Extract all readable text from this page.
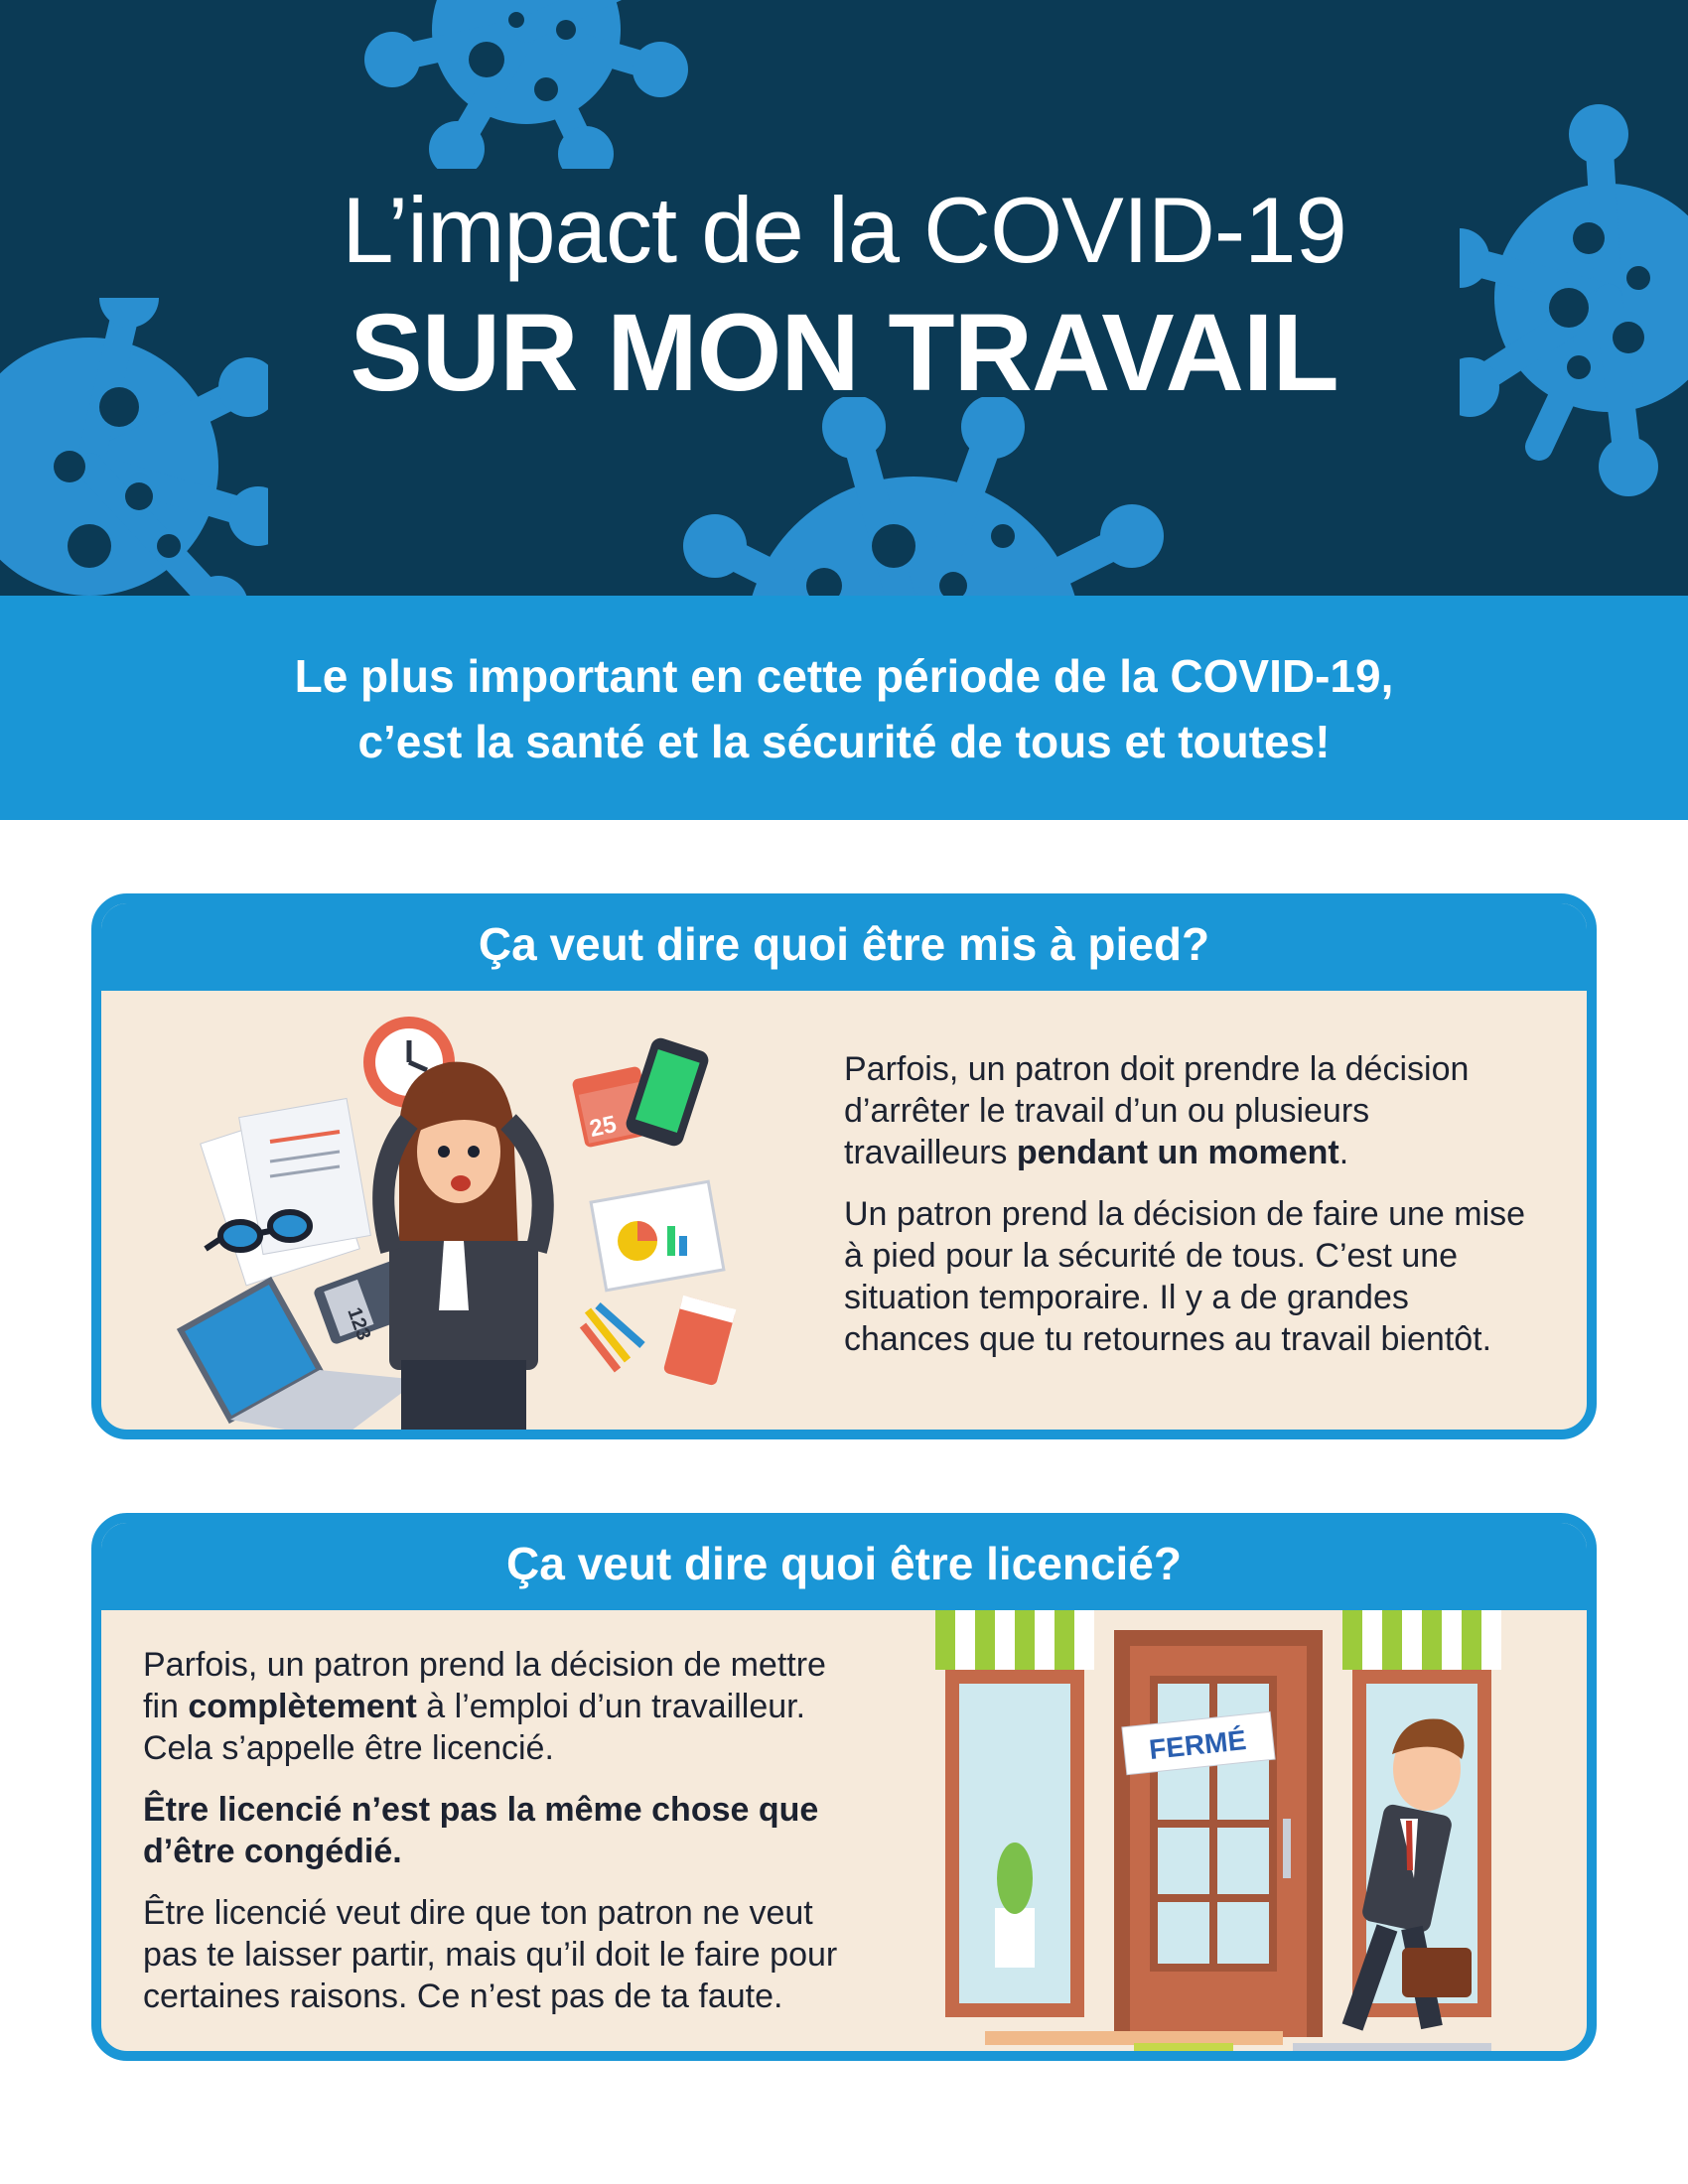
L’impact de la COVID-19
SUR MON TRAVAIL

Le plus important en cette période de la COVID-19,

c’est la santé et la sécurité de tous et toutes!

Ça veut dire quoi être mis à pied?
123
25

Parfois, un patron doit prendre la décision d’arrêter le travail d’un ou plusieurs travailleurs pendant un moment.

Un patron prend la décision de faire une mise à pied pour la sécurité de tous. C’est une situation temporaire. Il y a de grandes chances que tu retournes au travail bientôt.

Ça veut dire quoi être licencié?

Parfois, un patron prend la décision de mettre fin complètement à l’emploi d’un travailleur. Cela s’appelle être licencié.

Être licencié n’est pas la même chose que d’être congédié.

Être licencié veut dire que ton patron ne veut pas te laisser partir, mais qu’il doit le faire pour certaines raisons. Ce n’est pas de ta faute.

FERMÉ
